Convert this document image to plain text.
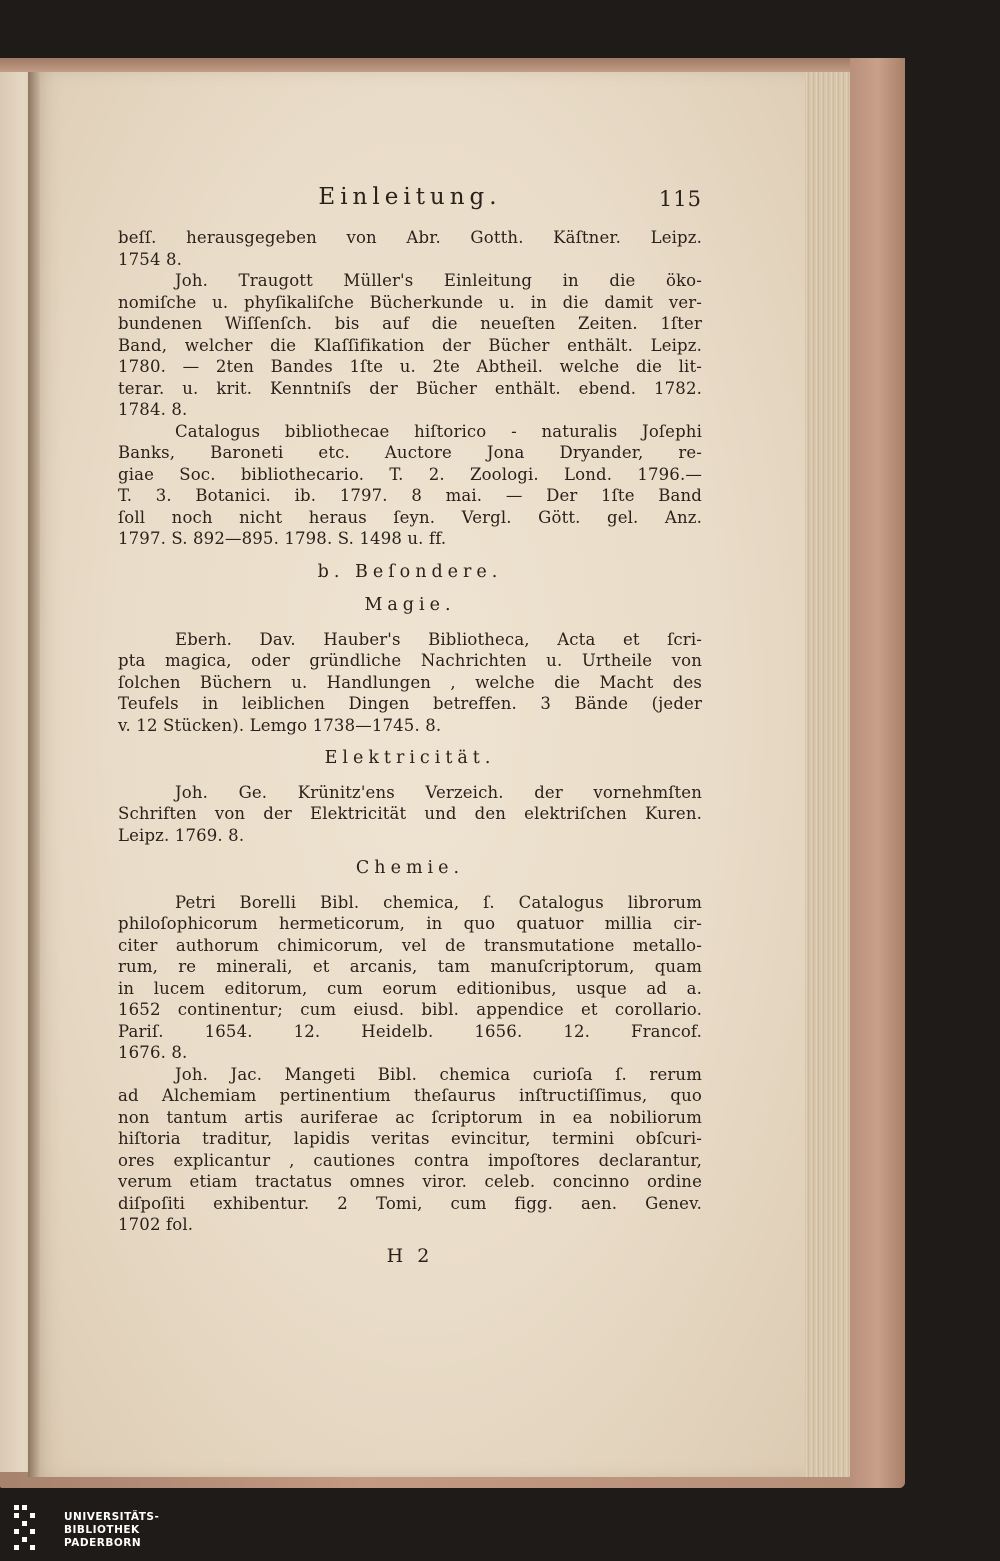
Einleitung.	115
beſſ. herausgegeben von Abr. Gotth. Käſtner. Leipz.
1754 8.
Joh. Traugott Müller's Einleitung in die öko-
nomiſche u. phyſikaliſche Bücherkunde u. in die damit ver-
bundenen Wiſſenſch. bis auf die neueſten Zeiten. 1ſter
Band, welcher die Klaſſifikation der Bücher enthält. Leipz.
1780. — 2ten Bandes 1ſte u. 2te Abtheil. welche die lit-
terar. u. krit. Kenntniſs der Bücher enthält. ebend. 1782.
1784. 8.
Catalogus bibliothecae hiſtorico - naturalis Joſephi
Banks, Baroneti etc. Auctore Jona Dryander, re-
giae Soc. bibliothecario. T. 2. Zoologi. Lond. 1796.—
T. 3. Botanici. ib. 1797. 8 mai. — Der 1ſte Band
ſoll noch nicht heraus ſeyn. Vergl. Gött. gel. Anz.
1797. S. 892—895. 1798. S. 1498 u. ff.
b. Beſondere.
Magie.
Eberh. Dav. Hauber's Bibliotheca, Acta et ſcri-
pta magica, oder gründliche Nachrichten u. Urtheile von
ſolchen Büchern u. Handlungen , welche die Macht des
Teufels in leiblichen Dingen betreffen. 3 Bände (jeder
v. 12 Stücken). Lemgo 1738—1745. 8.
Elektricität.
Joh. Ge. Krünitz'ens Verzeich. der vornehmſten
Schriften von der Elektricität und den elektriſchen Kuren.
Leipz. 1769. 8.
Chemie.
Petri Borelli Bibl. chemica, ſ. Catalogus librorum
philoſophicorum hermeticorum, in quo quatuor millia cir-
citer authorum chimicorum, vel de transmutatione metallo-
rum, re minerali, et arcanis, tam manuſcriptorum, quam
in lucem editorum, cum eorum editionibus, usque ad a.
1652 continentur; cum eiusd. bibl. appendice et corollario.
Pariſ. 1654. 12. Heidelb. 1656. 12. Francof.
1676. 8.
Joh. Jac. Mangeti Bibl. chemica curioſa ſ. rerum
ad Alchemiam pertinentium theſaurus inſtructiſſimus, quo
non tantum artis auriferae ac ſcriptorum in ea nobiliorum
hiſtoria traditur, lapidis veritas evincitur, termini obſcuri-
ores explicantur , cautiones contra impoſtores declarantur,
verum etiam tractatus omnes viror. celeb. concinno ordine
diſpoſiti exhibentur. 2 Tomi, cum figg. aen. Genev.
1702 fol.
H 2
UNIVERSITÄTS-
BIBLIOTHEK
PADERBORN
